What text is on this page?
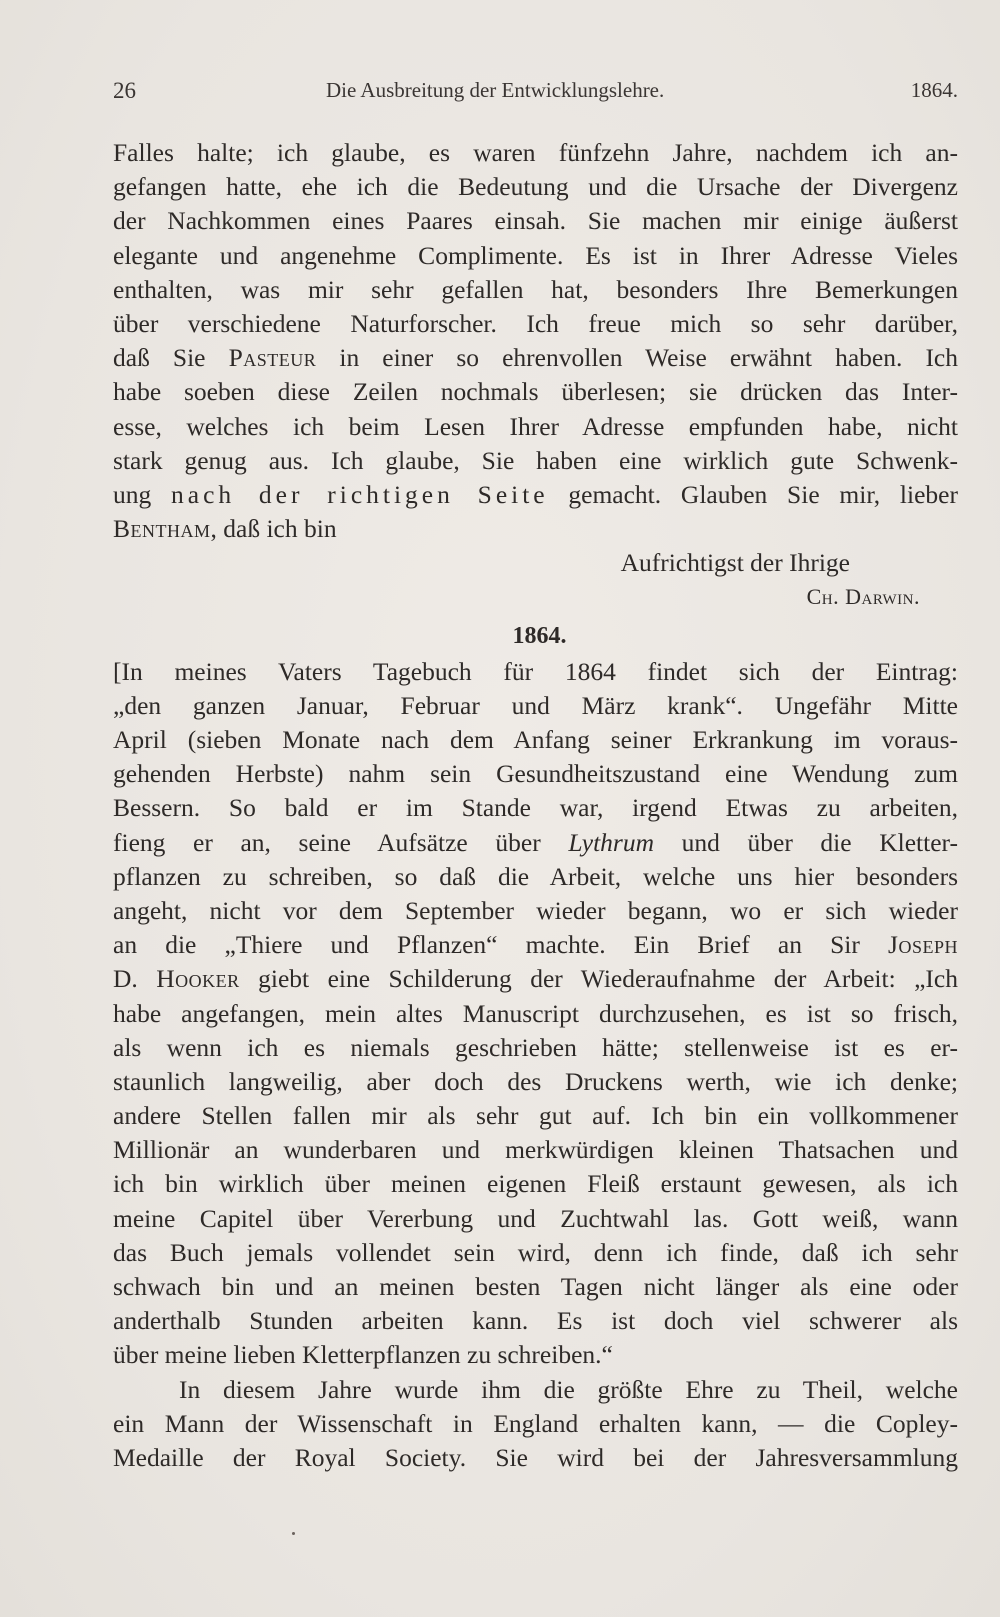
26	Die Ausbreitung der Entwicklungslehre.	1864.
Falles halte; ich glaube, es waren fünfzehn Jahre, nachdem ich an-
gefangen hatte, ehe ich die Bedeutung und die Ursache der Divergenz
der Nachkommen eines Paares einsah. Sie machen mir einige äußerst
elegante und angenehme Complimente. Es ist in Ihrer Adresse Vieles
enthalten, was mir sehr gefallen hat, besonders Ihre Bemerkungen
über verschiedene Naturforscher. Ich freue mich so sehr darüber,
daß Sie Pasteur in einer so ehrenvollen Weise erwähnt haben. Ich
habe soeben diese Zeilen nochmals überlesen; sie drücken das Inter-
esse, welches ich beim Lesen Ihrer Adresse empfunden habe, nicht
stark genug aus. Ich glaube, Sie haben eine wirklich gute Schwenk-
ung nach der richtigen Seite gemacht. Glauben Sie mir, lieber
Bentham, daß ich bin
Aufrichtigst der Ihrige
Ch. Darwin.
1864.
[In meines Vaters Tagebuch für 1864 findet sich der Eintrag:
„den ganzen Januar, Februar und März krank“. Ungefähr Mitte
April (sieben Monate nach dem Anfang seiner Erkrankung im voraus-
gehenden Herbste) nahm sein Gesundheitszustand eine Wendung zum
Bessern. So bald er im Stande war, irgend Etwas zu arbeiten,
fieng er an, seine Aufsätze über Lythrum und über die Kletter-
pflanzen zu schreiben, so daß die Arbeit, welche uns hier besonders
angeht, nicht vor dem September wieder begann, wo er sich wieder
an die „Thiere und Pflanzen“ machte. Ein Brief an Sir Joseph
D. Hooker giebt eine Schilderung der Wiederaufnahme der Arbeit: „Ich
habe angefangen, mein altes Manuscript durchzusehen, es ist so frisch,
als wenn ich es niemals geschrieben hätte; stellenweise ist es er-
staunlich langweilig, aber doch des Druckens werth, wie ich denke;
andere Stellen fallen mir als sehr gut auf. Ich bin ein vollkommener
Millionär an wunderbaren und merkwürdigen kleinen Thatsachen und
ich bin wirklich über meinen eigenen Fleiß erstaunt gewesen, als ich
meine Capitel über Vererbung und Zuchtwahl las. Gott weiß, wann
das Buch jemals vollendet sein wird, denn ich finde, daß ich sehr
schwach bin und an meinen besten Tagen nicht länger als eine oder
anderthalb Stunden arbeiten kann. Es ist doch viel schwerer als
über meine lieben Kletterpflanzen zu schreiben.“
In diesem Jahre wurde ihm die größte Ehre zu Theil, welche
ein Mann der Wissenschaft in England erhalten kann, — die Copley-
Medaille der Royal Society. Sie wird bei der Jahresversammlung
